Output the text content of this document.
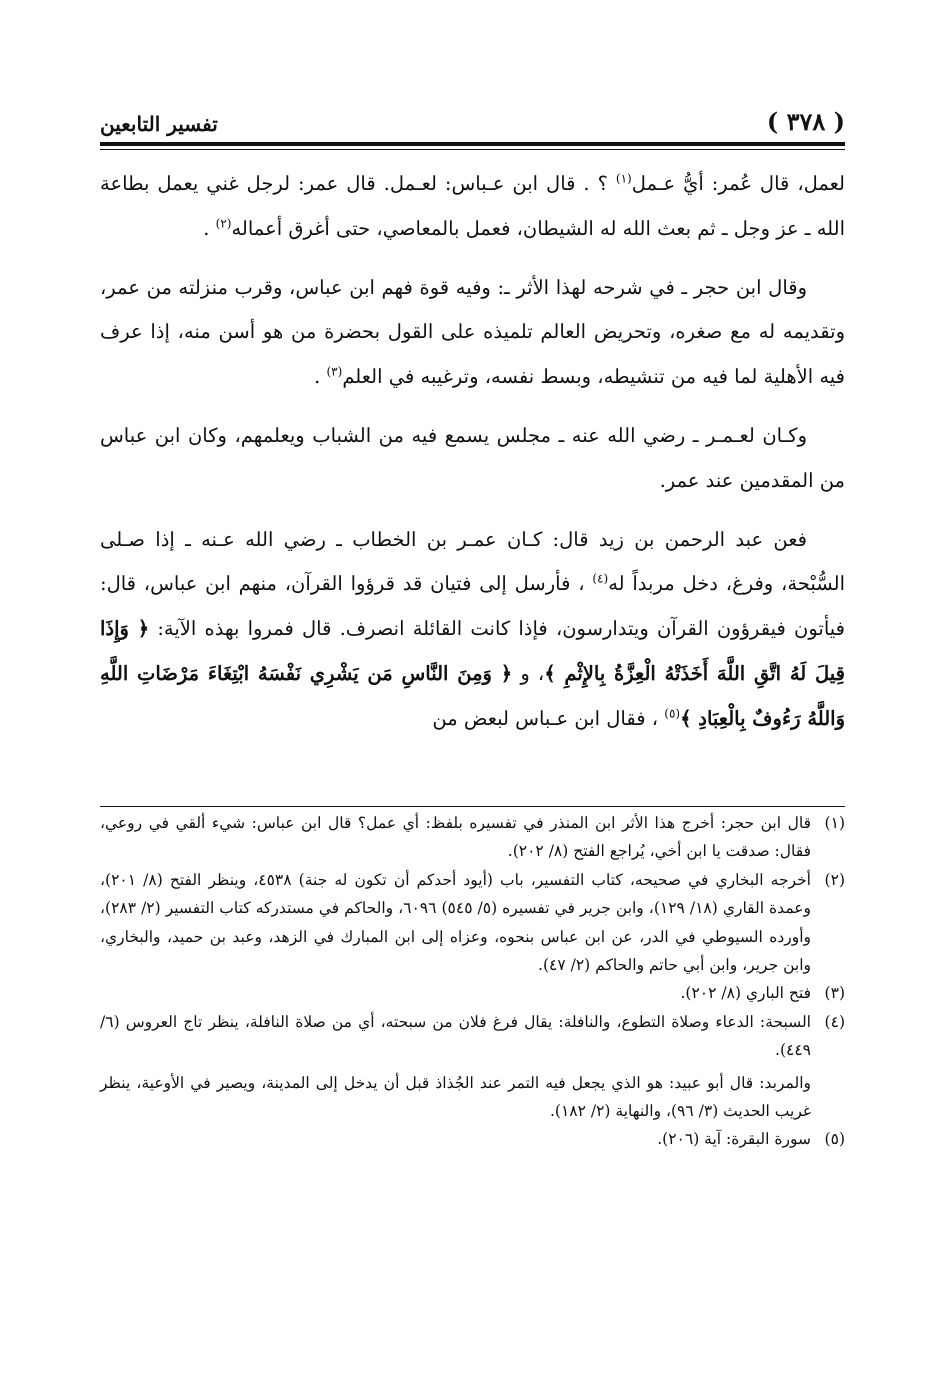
( ٣٧٨ )
تفسير التابعين

لعمل، قال عُمر: أيُّ عـمل$^{(١)}$ ؟ . قال ابن عـباس: لعـمل. قال عمر: لرجل غني يعمل بطاعة الله ـ عز وجل ـ ثم بعث الله له الشيطان، فعمل بالمعاصي، حتى أغرق أعماله$^{(٢)}$ .

وقال ابن حجر ـ في شرحه لهذا الأثر ـ: وفيه قوة فهم ابن عباس، وقرب منزلته من عمر، وتقديمه له مع صغره، وتحريض العالم تلميذه على القول بحضرة من هو أسن منه، إذا عرف فيه الأهلية لما فيه من تنشيطه، وبسط نفسه، وترغيبه في العلم$^{(٣)}$ .

وكـان لعـمـر ـ رضي الله عنه ـ مجلس يسمع فيه من الشباب ويعلمهم، وكان ابن عباس من المقدمين عند عمر.

فعن عبد الرحمن بن زيد قال: كـان عمـر بن الخطاب ـ رضي الله عـنه ـ إذا صـلى السُّبْحة، وفرغ، دخل مربداً له$^{(٤)}$ ، فأرسل إلى فتيان قد قرؤوا القرآن، منهم ابن عباس، قال: فيأتون فيقرؤون القرآن ويتدارسون، فإذا كانت القائلة انصرف. قال فمروا بهذه الآية: ﴿ وَإِذَا قِيلَ لَهُ اتَّقِ اللَّهَ أَخَذَتْهُ الْعِزَّةُ بِالإِثْمِ ﴾، و ﴿ وَمِنَ النَّاسِ مَن يَشْرِي نَفْسَهُ ابْتِغَاءَ مَرْضَاتِ اللَّهِ وَاللَّهُ رَءُوفٌ بِالْعِبَادِ ﴾$^{(٥)}$ ، فقال ابن عـباس لبعض من

(١)
قال ابن حجر: أخرج هذا الأثر ابن المنذر في تفسيره بلفظ: أي عمل؟ قال ابن عباس: شيء ألقي في روعي، فقال: صدقت يا ابن أخي، يُراجع الفتح (٨/ ٢٠٢).
(٢)
أخرجه البخاري في صحيحه، كتاب التفسير، باب (أيود أحدكم أن تكون له جنة) ٤٥٣٨، وينظر الفتح (٨/ ٢٠١)، وعمدة القاري (١٨/ ١٢٩)، وابن جرير في تفسيره (٥/ ٥٤٥) ٦٠٩٦، والحاكم في مستدركه كتاب التفسير (٢/ ٢٨٣)، وأورده السيوطي في الدر، عن ابن عباس بنحوه، وعزاه إلى ابن المبارك في الزهد، وعبد بن حميد، والبخاري، وابن جرير، وابن أبي حاتم والحاكم (٢/ ٤٧).
(٣)
فتح الباري (٨/ ٢٠٢).
(٤)
السبحة: الدعاء وصلاة التطوع، والنافلة: يقال فرغ فلان من سبحته، أي من صلاة النافلة، ينظر تاج العروس (٦/ ٤٤٩).
والمربد: قال أبو عبيد: هو الذي يجعل فيه التمر عند الجُذاذ قبل أن يدخل إلى المدينة، ويصير في الأوعية، ينظر غريب الحديث (٣/ ٩٦)، والنهاية (٢/ ١٨٢).
(٥)
سورة البقرة: آية (٢٠٦).
